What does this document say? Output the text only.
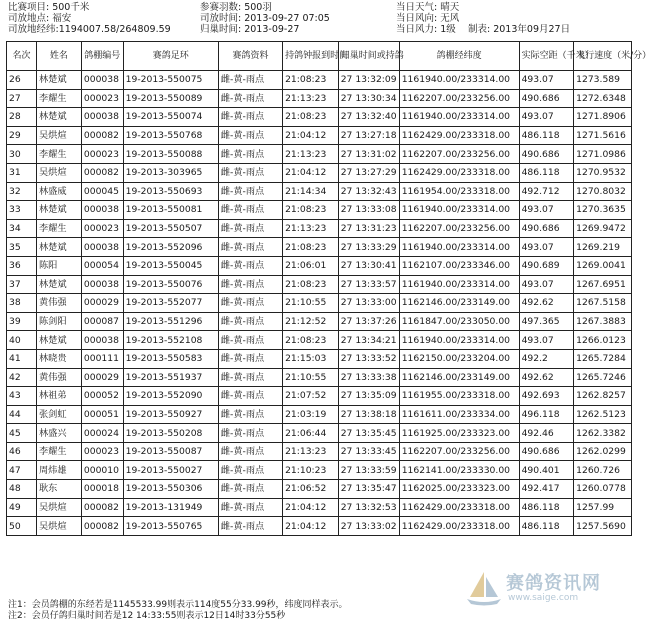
比赛项目: 500千米
司放地点: 福安
司放地经纬:1194007.58/264809.59
参赛羽数: 500羽
司放时间: 2013-09-27 07:05
归巢时间: 2013-09-27
当日天气: 晴天
当日风向: 无风
当日风力: 1级	制表: 2013年09月27日
名次	姓名	鸽棚编号	赛鸽足环	赛鸽资料	持鸽钟报到时间	归巢时间或持鸽	鸽棚经纬度	实际空距（千米）	飞行速度（米/分）
26	林楚斌	000038	19-2013-550075	雌-黄-雨点	21:08:23	27 13:32:09	1161940.00/233314.00	493.07	1273.589
27	李耀生	000023	19-2013-550089	雌-黄-雨点	21:13:23	27 13:30:34	1162207.00/233256.00	490.686	1272.6348
28	林楚斌	000038	19-2013-550074	雌-黄-雨点	21:08:23	27 13:32:40	1161940.00/233314.00	493.07	1271.8906
29	吴烘煊	000082	19-2013-550768	雌-黄-雨点	21:04:12	27 13:27:18	1162429.00/233318.00	486.118	1271.5616
30	李耀生	000023	19-2013-550088	雌-黄-雨点	21:13:23	27 13:31:02	1162207.00/233256.00	490.686	1271.0986
31	吴烘煊	000082	19-2013-303965	雌-黄-雨点	21:04:12	27 13:27:29	1162429.00/233318.00	486.118	1270.9532
32	林盛威	000045	19-2013-550693	雌-黄-雨点	21:14:34	27 13:32:43	1161954.00/233318.00	492.712	1270.8032
33	林楚斌	000038	19-2013-550081	雌-黄-雨点	21:08:23	27 13:33:08	1161940.00/233314.00	493.07	1270.3635
34	李耀生	000023	19-2013-550507	雌-黄-雨点	21:13:23	27 13:31:23	1162207.00/233256.00	490.686	1269.9472
35	林楚斌	000038	19-2013-552096	雌-黄-雨点	21:08:23	27 13:33:29	1161940.00/233314.00	493.07	1269.219
36	陈阳	000054	19-2013-550045	雌-黄-雨点	21:06:01	27 13:30:41	1162107.00/233346.00	490.689	1269.0041
37	林楚斌	000038	19-2013-550076	雌-黄-雨点	21:08:23	27 13:33:57	1161940.00/233314.00	493.07	1267.6951
38	黄伟强	000029	19-2013-552077	雌-黄-雨点	21:10:55	27 13:33:00	1162146.00/233149.00	492.62	1267.5158
39	陈剑阳	000087	19-2013-551296	雌-黄-雨点	21:12:52	27 13:37:26	1161847.00/233050.00	497.365	1267.3883
40	林楚斌	000038	19-2013-552108	雌-黄-雨点	21:08:23	27 13:34:21	1161940.00/233314.00	493.07	1266.0123
41	林晓贵	000111	19-2013-550583	雌-黄-雨点	21:15:03	27 13:33:52	1162150.00/233204.00	492.2	1265.7284
42	黄伟强	000029	19-2013-551937	雌-黄-雨点	21:10:55	27 13:33:38	1162146.00/233149.00	492.62	1265.7246
43	林祖弟	000052	19-2013-552090	雌-黄-雨点	21:07:52	27 13:35:09	1161955.00/233318.00	492.693	1262.8257
44	张剑虹	000051	19-2013-550927	雌-黄-雨点	21:03:19	27 13:38:18	1161611.00/233334.00	496.118	1262.5123
45	林盛兴	000024	19-2013-550208	雌-黄-雨点	21:06:44	27 13:35:45	1161925.00/233323.00	492.46	1262.3382
46	李耀生	000023	19-2013-550087	雌-黄-雨点	21:13:23	27 13:33:45	1162207.00/233256.00	490.686	1262.0299
47	周炜雄	000010	19-2013-550027	雌-黄-雨点	21:10:23	27 13:33:59	1162141.00/233330.00	490.401	1260.726
48	耿东	000018	19-2013-550306	雌-黄-雨点	21:06:52	27 13:35:47	1162025.00/233323.00	492.417	1260.0778
49	吴烘煊	000082	19-2013-131949	雌-黄-雨点	21:04:12	27 13:32:53	1162429.00/233318.00	486.118	1257.99
50	吴烘煊	000082	19-2013-550765	雌-黄-雨点	21:04:12	27 13:33:02	1162429.00/233318.00	486.118	1257.5690
注1：会员鸽棚的东经若是1145533.99则表示114度55分33.99秒，纬度同样表示。
注2：会员仔鸽归巢时间若是12 14:33:55则表示12日14时33分55秒
赛鸽资讯网
www.saige.com
